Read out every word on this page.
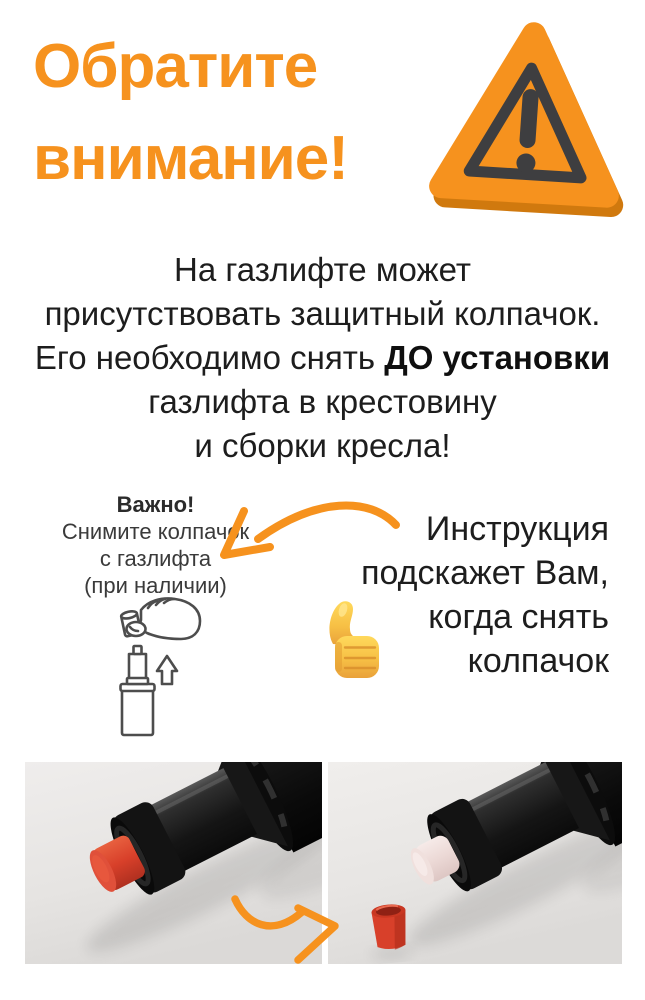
Обратите
внимание!
На газлифте может
присутствовать защитный колпачок.
Его необходимо снять ДО установки
газлифта в крестовину
и сборки кресла!
Важно!
Снимите колпачок
с газлифта
(при наличии)
Инструкция
подскажет Вам,
когда снять
колпачок
